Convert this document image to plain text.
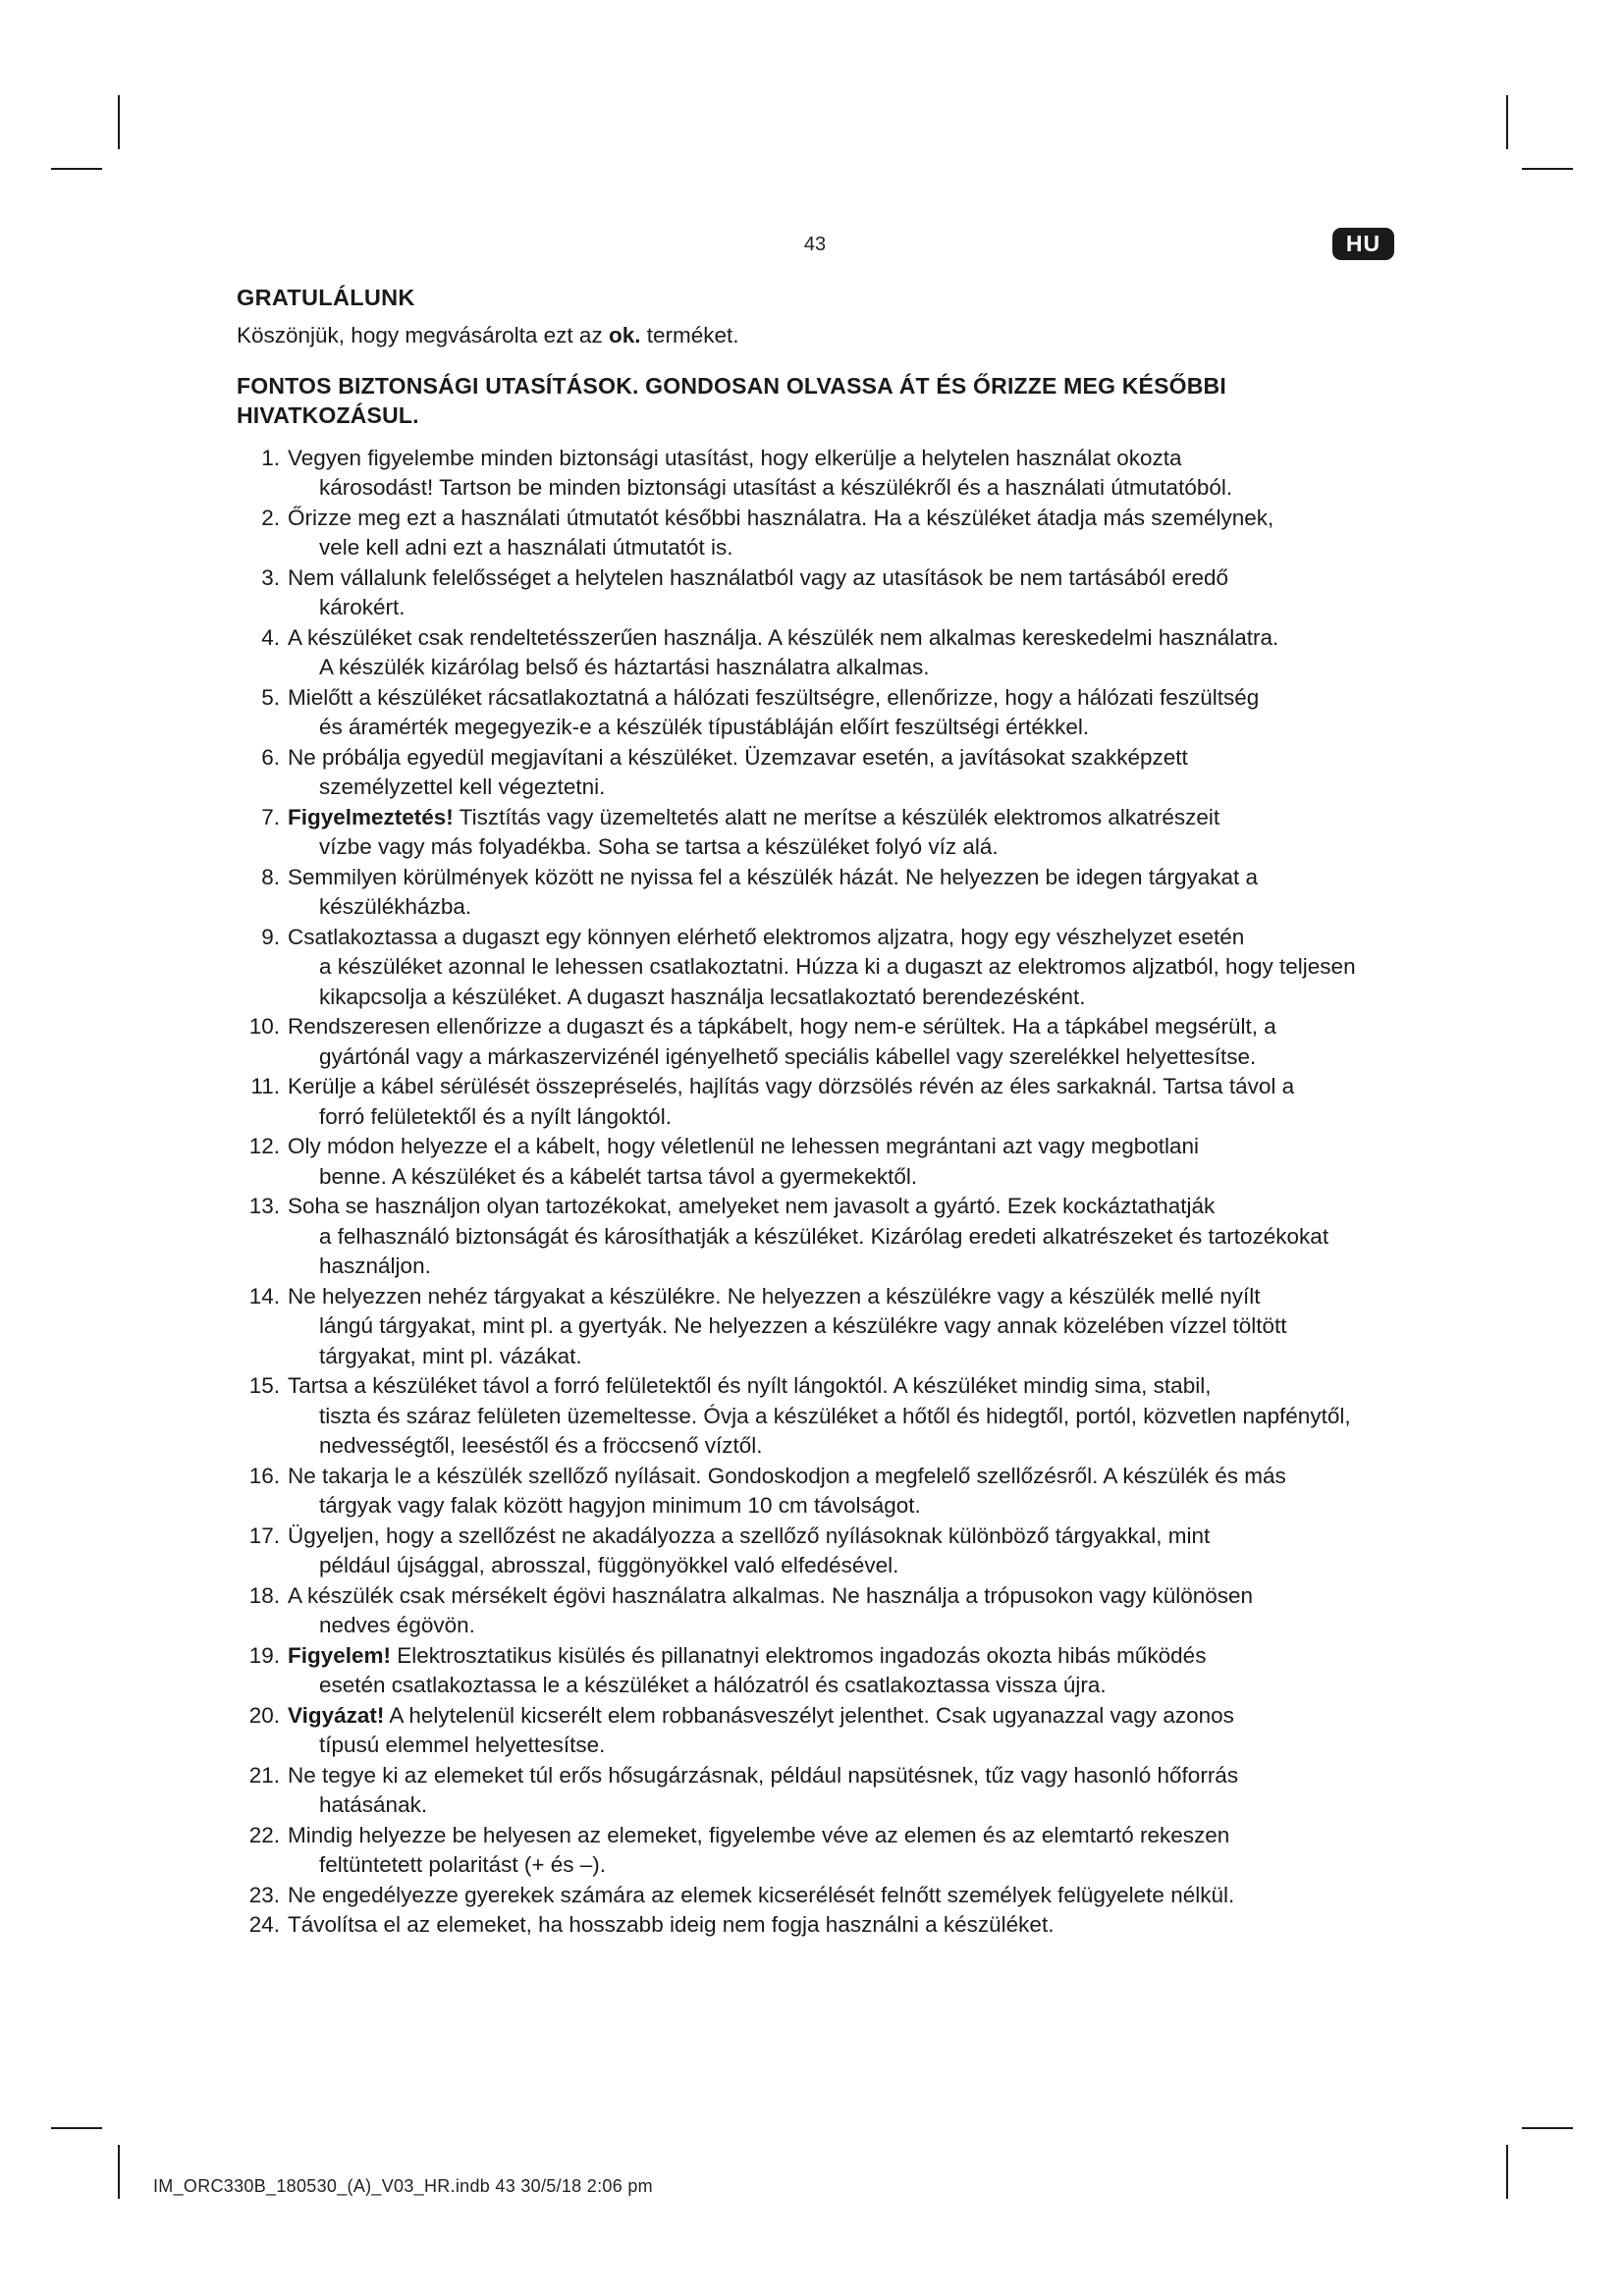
43	HU
GRATULÁLUNK

Köszönjük, hogy megvásárolta ezt az ok. terméket.

FONTOS BIZTONSÁGI UTASÍTÁSOK. GONDOSAN OLVASSA ÁT ÉS ŐRIZZE MEG KÉSŐBBI HIVATKOZÁSUL.
1. Vegyen figyelembe minden biztonsági utasítást, hogy elkerülje a helytelen használat okozta
károsodást! Tartson be minden biztonsági utasítást a készülékről és a használati útmutatóból.
2. Őrizze meg ezt a használati útmutatót későbbi használatra. Ha a készüléket átadja más személynek,
vele kell adni ezt a használati útmutatót is.
3. Nem vállalunk felelősséget a helytelen használatból vagy az utasítások be nem tartásából eredő
károkért.
4. A készüléket csak rendeltetésszerűen használja. A készülék nem alkalmas kereskedelmi használatra.
A készülék kizárólag belső és háztartási használatra alkalmas.
5. Mielőtt a készüléket rácsatlakoztatná a hálózati feszültségre, ellenőrizze, hogy a hálózati feszültség
és áramérték megegyezik-e a készülék típustábláján előírt feszültségi értékkel.
6. Ne próbálja egyedül megjavítani a készüléket. Üzemzavar esetén, a javításokat szakképzett
személyzettel kell végeztetni.
7. Figyelmeztetés! Tisztítás vagy üzemeltetés alatt ne merítse a készülék elektromos alkatrészeit
vízbe vagy más folyadékba. Soha se tartsa a készüléket folyó víz alá.
8. Semmilyen körülmények között ne nyissa fel a készülék házát. Ne helyezzen be idegen tárgyakat a
készülékházba.
9. Csatlakoztassa a dugaszt egy könnyen elérhető elektromos aljzatra, hogy egy vészhelyzet esetén
a készüléket azonnal le lehessen csatlakoztatni. Húzza ki a dugaszt az elektromos aljzatból, hogy teljesen kikapcsolja a készüléket. A dugaszt használja lecsatlakoztató berendezésként.
10. Rendszeresen ellenőrizze a dugaszt és a tápkábelt, hogy nem-e sérültek. Ha a tápkábel megsérült, a
gyártónál vagy a márkaszervizénél igényelhető speciális kábellel vagy szerelékkel helyettesítse.
11. Kerülje a kábel sérülését összepréselés, hajlítás vagy dörzsölés révén az éles sarkaknál. Tartsa távol a
forró felületektől és a nyílt lángoktól.
12. Oly módon helyezze el a kábelt, hogy véletlenül ne lehessen megrántani azt vagy megbotlani
benne. A készüléket és a kábelét tartsa távol a gyermekektől.
13. Soha se használjon olyan tartozékokat, amelyeket nem javasolt a gyártó. Ezek kockáztathatják
a felhasználó biztonságát és károsíthatják a készüléket. Kizárólag eredeti alkatrészeket és tartozékokat használjon.
14. Ne helyezzen nehéz tárgyakat a készülékre. Ne helyezzen a készülékre vagy a készülék mellé nyílt
lángú tárgyakat, mint pl. a gyertyák. Ne helyezzen a készülékre vagy annak közelében vízzel töltött tárgyakat, mint pl. vázákat.
15. Tartsa a készüléket távol a forró felületektől és nyílt lángoktól. A készüléket mindig sima, stabil,
tiszta és száraz felületen üzemeltesse. Óvja a készüléket a hőtől és hidegtől, portól, közvetlen napfénytől, nedvességtől, leeséstől és a fröccsenő víztől.
16. Ne takarja le a készülék szellőző nyílásait. Gondoskodjon a megfelelő szellőzésről. A készülék és más
tárgyak vagy falak között hagyjon minimum 10 cm távolságot.
17. Ügyeljen, hogy a szellőzést ne akadályozza a szellőző nyílásoknak különböző tárgyakkal, mint
például újsággal, abrosszal, függönyökkel való elfedésével.
18. A készülék csak mérsékelt égövi használatra alkalmas. Ne használja a trópusokon vagy különösen
nedves égövön.
19. Figyelem! Elektrosztatikus kisülés és pillanatnyi elektromos ingadozás okozta hibás működés
esetén csatlakoztassa le a készüléket a hálózatról és csatlakoztassa vissza újra.
20. Vigyázat! A helytelenül kicserélt elem robbanásveszélyt jelenthet. Csak ugyanazzal vagy azonos
típusú elemmel helyettesítse.
21. Ne tegye ki az elemeket túl erős hősugárzásnak, például napsütésnek, tűz vagy hasonló hőforrás
hatásának.
22. Mindig helyezze be helyesen az elemeket, figyelembe véve az elemen és az elemtartó rekeszen
feltüntetett polaritást (+ és –).
23. Ne engedélyezze gyerekek számára az elemek kicserélését felnőtt személyek felügyelete nélkül.
24. Távolítsa el az elemeket, ha hosszabb ideig nem fogja használni a készüléket.
IM_ORC330B_180530_(A)_V03_HR.indb 43 30/5/18 2:06 pm
